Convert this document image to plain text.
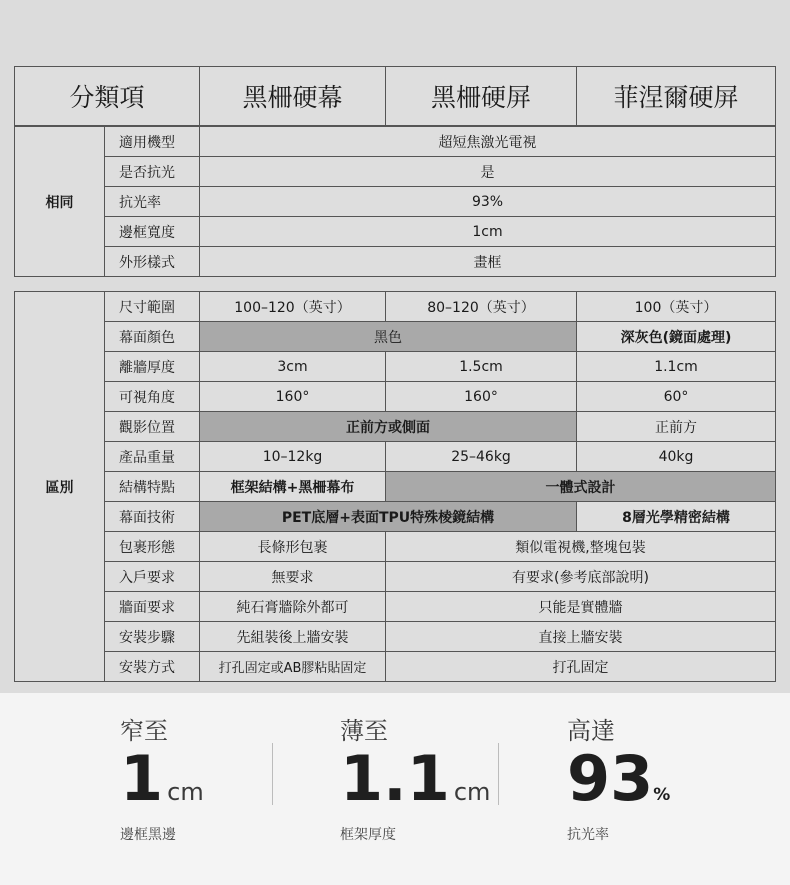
分類項	黑柵硬幕	黑柵硬屏	菲涅爾硬屏
相同	適用機型	超短焦激光電視
	是否抗光	是
	抗光率	93%
	邊框寬度	1cm
	外形樣式	畫框
區別	尺寸範圍	100–120（英寸）	80–120（英寸）	100（英寸）
	幕面顏色	黑色		深灰色(鏡面處理)
	離牆厚度	3cm	1.5cm	1.1cm
	可視角度	160°	160°	60°
	觀影位置	正前方或側面		正前方
	產品重量	10–12kg	25–46kg	40kg
	結構特點	框架結構+黑柵幕布	一體式設計	
	幕面技術	PET底層+表面TPU特殊棱鏡結構		8層光學精密結構
	包裹形態	長條形包裹	類似電視機,整塊包裝	
	入戶要求	無要求	有要求(參考底部說明)	
	牆面要求	純石膏牆除外都可	只能是實體牆	
	安裝步驟	先組裝後上牆安裝	直接上牆安裝	
	安裝方式	打孔固定或AB膠粘貼固定	打孔固定	
窄至
1 cm
邊框黑邊
薄至
1.1 cm
框架厚度
高達
93%
抗光率
